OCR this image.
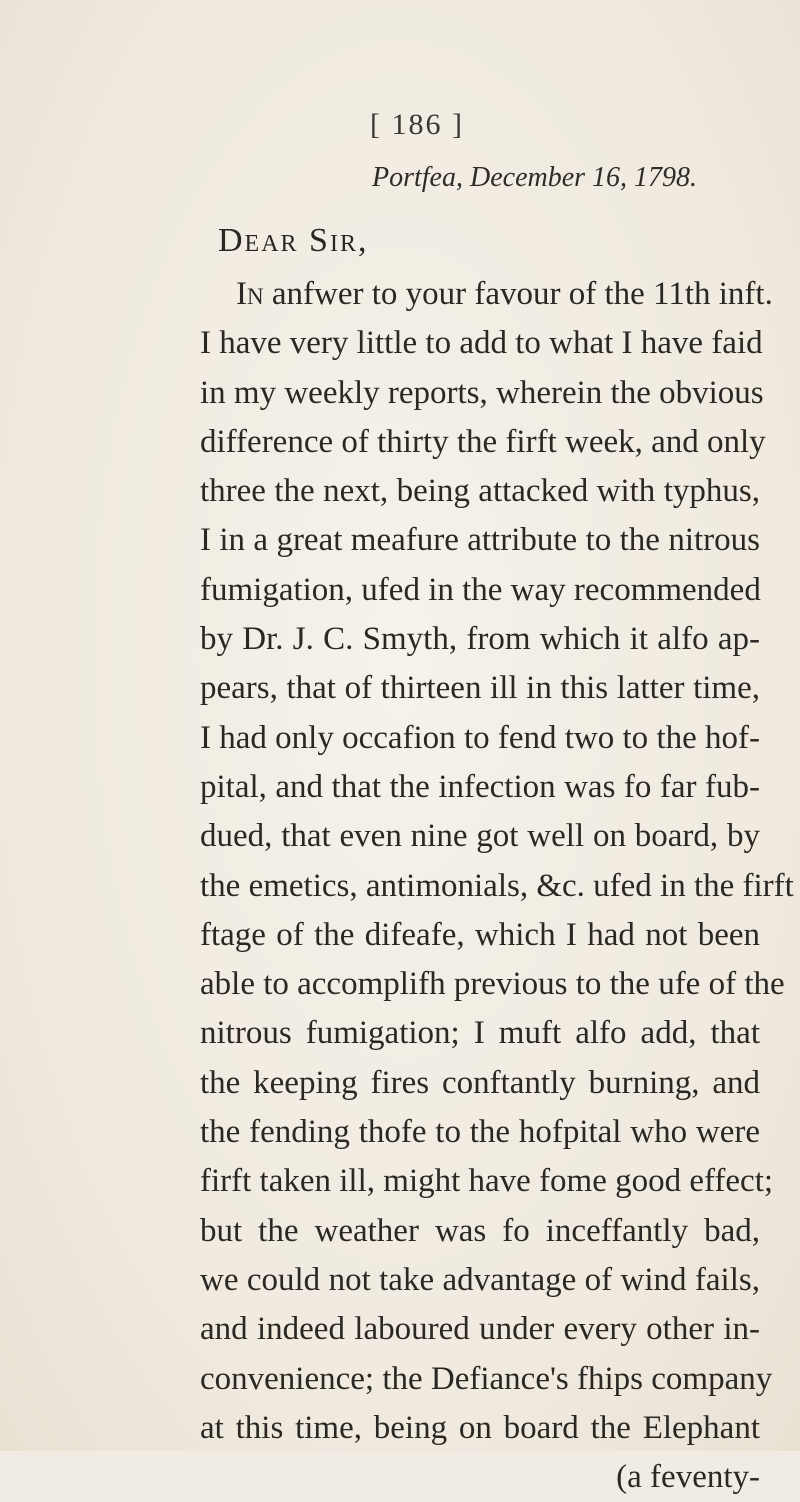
[ 186 ]
Portfea, December 16, 1798.
Dear Sir,
In anfwer to your favour of the 11th inft.
I have very little to add to what I have faid
in my weekly reports, wherein the obvious
difference of thirty the firft week, and only
three the next, being attacked with typhus,
I in a great meafure attribute to the nitrous
fumigation, ufed in the way recommended
by Dr. J. C. Smyth, from which it alfo ap-
pears, that of thirteen ill in this latter time,
I had only occafion to fend two to the hof-
pital, and that the infection was fo far fub-
dued, that even nine got well on board, by
the emetics, antimonials, &c. ufed in the firft
ftage of the difeafe, which I had not been
able to accomplifh previous to the ufe of the
nitrous fumigation; I muft alfo add, that
the keeping fires conftantly burning, and
the fending thofe to the hofpital who were
firft taken ill, might have fome good effect;
but the weather was fo inceffantly bad,
we could not take advantage of wind fails,
and indeed laboured under every other in-
convenience; the Defiance's fhips company
at this time, being on board the Elephant
(a feventy-
